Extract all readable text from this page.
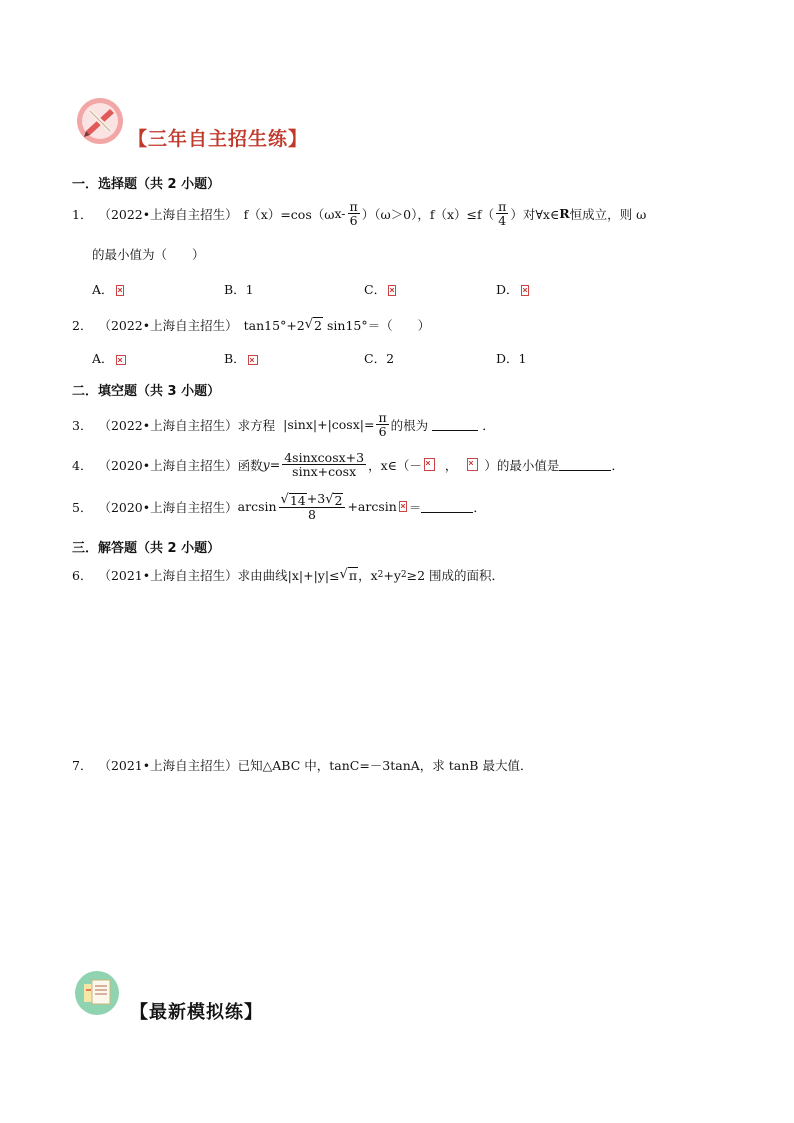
【三年自主招生练】
一．选择题（共 2 小题）
1． （2022•上海自主招生） f（x）=cos（ω $x- \frac{\pi}{6} )(\omega>0)$，$f(x)\le f( \frac{\pi}{4}$ ）对∀x∈ R 恒成立，则 ω
的最小值为（　　）
A．	B．1	C．	D．
2． （2022•上海自主招生） tan15°+2 √ 2 sin15°＝（　　）
A．	B．	C．2	D．1
二．填空题（共 3 小题）
3． （2022•上海自主招生） 求方程 $|\sin x|+|\cos x|= \frac{\pi}{6}$ 的根为	．
4． （2020•上海自主招生） 函数 $y = \frac{\text{4sinxcosx+3}}{\sin x+\cos x}$ ，x∈（－ ， ）的最小值是	．
5． （2020•上海自主招生） $\arcsin \frac{√ 14 +3 √ 2}{8} +\arcsin$ ＝	．
三．解答题（共 2 小题）
6． （2021•上海自主招生） 求由曲线|x|+|y|≤ √ π ，x 2 +y 2 ≥2 围成的面积．
7． （2021•上海自主招生） 已知△ABC 中，tanC=－3tanA，求 tanB 最大值．
【最新模拟练】
